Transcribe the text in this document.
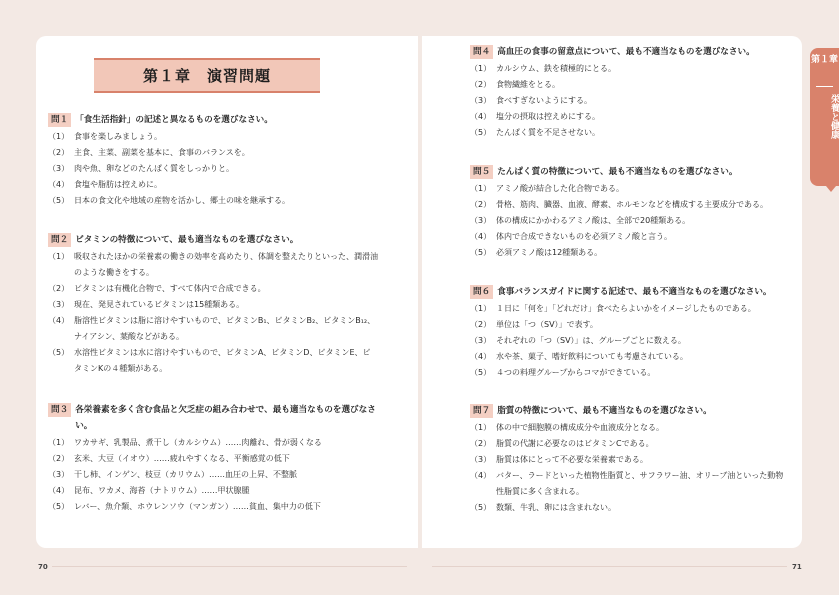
第１章　演習問題
問１ 「食生活指針」の記述と異なるものを選びなさい。
（1） 食事を楽しみましょう。
（2） 主食、主菜、副菜を基本に、食事のバランスを。
（3） 肉や魚、卵などのたんぱく質をしっかりと。
（4） 食塩や脂肪は控えめに。
（5） 日本の食文化や地域の産物を活かし、郷土の味を継承する。
問２ ビタミンの特徴について、最も適当なものを選びなさい。
（1） 吸収されたほかの栄養素の働きの効率を高めたり、体調を整えたりといった、潤滑油のような働きをする。
（2） ビタミンは有機化合物で、すべて体内で合成できる。
（3） 現在、発見されているビタミンは15種類ある。
（4） 脂溶性ビタミンは脂に溶けやすいもので、ビタミンB₁、ビタミンB₂、ビタミンB₁₂、ナイアシン、葉酸などがある。
（5） 水溶性ビタミンは水に溶けやすいもので、ビタミンA、ビタミンD、ビタミンE、ビタミンKの４種類がある。
問３ 各栄養素を多く含む食品と欠乏症の組み合わせで、最も適当なものを選びなさい。
（1） ワカサギ、乳製品、煮干し（カルシウム）……肉離れ、骨が弱くなる
（2） 玄米、大豆（イオウ）……疲れやすくなる、平衡感覚の低下
（3） 干し柿、インゲン、枝豆（カリウム）……血圧の上昇、不整脈
（4） 昆布、ワカメ、海苔（ナトリウム）……甲状腺腫
（5） レバー、魚介類、ホウレンソウ（マンガン）……貧血、集中力の低下
問４ 高血圧の食事の留意点について、最も不適当なものを選びなさい。
（1） カルシウム、鉄を積極的にとる。
（2） 食物繊維をとる。
（3） 食べすぎないようにする。
（4） 塩分の摂取は控えめにする。
（5） たんぱく質を不足させない。
問５ たんぱく質の特徴について、最も不適当なものを選びなさい。
（1） アミノ酸が結合した化合物である。
（2） 骨格、筋肉、臓器、血液、酵素、ホルモンなどを構成する主要成分である。
（3） 体の構成にかかわるアミノ酸は、全部で20種類ある。
（4） 体内で合成できないものを必須アミノ酸と言う。
（5） 必須アミノ酸は12種類ある。
問６ 食事バランスガイドに関する記述で、最も不適当なものを選びなさい。
（1） １日に「何を」「どれだけ」食べたらよいかをイメージしたものである。
（2） 単位は「つ（SV）」で表す。
（3） それぞれの「つ（SV）」は、グループごとに数える。
（4） 水や茶、菓子、嗜好飲料についても考慮されている。
（5） ４つの料理グループからコマができている。
問７ 脂質の特徴について、最も不適当なものを選びなさい。
（1） 体の中で細胞膜の構成成分や血液成分となる。
（2） 脂質の代謝に必要なのはビタミンCである。
（3） 脂質は体にとって不必要な栄養素である。
（4） バター、ラードといった植物性脂質と、サフラワー油、オリーブ油といった動物性脂質に多く含まれる。
（5） 数類、牛乳、卵には含まれない。
第１章
栄養と健康
70	71
